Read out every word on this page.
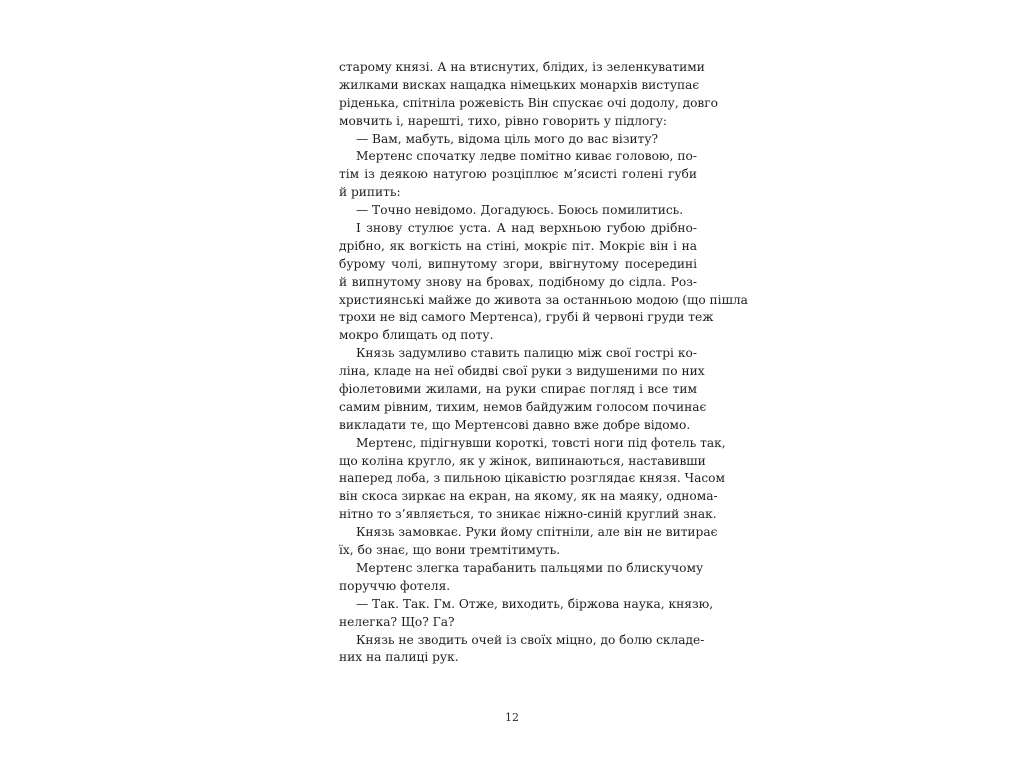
старому князі. А на втиснутих, блідих, із зеленкуватими
жилками висках нащадка німецьких монархів виступає
рiденька, спітніла рожевість Він спускає очі додолу, довго
мовчить і, нарешті, тихо, рівно говорить у підлогу:
— Вам, мабуть, відома ціль мого до вас візиту?
Мертенс спочатку ледве помітно киває головою, по-
тім із деякою натугою розціплює м’ясисті голені губи
й рипить:
— Точно невідомо. Догадуюсь. Боюсь помилитись.
І знову стулює уста. А над верхньою губою дрібно-
дрібно, як вогкість на стіні, мокріє піт. Мокріє він і на
бурому чолі, випнутому згори, ввігнутому посередині
й випнутому знову на бровах, подібному до сідла. Роз-
християнські майже до живота за останньою модою (що пішла
трохи не від самого Мертенса), грубі й червоні груди теж
мокро блищать од поту.
Князь задумливо ставить палицю між свої гострі ко-
ліна, кладе на неї обидві свої руки з видушеними по них
фіолетовими жилами, на руки спирає погляд і все тим
самим рівним, тихим, немов байдужим голосом починає
викладати те, що Мертенсові давно вже добре відомо.
Мертенс, підігнувши короткі, товсті ноги під фотель так,
що коліна кругло, як у жінок, випинаються, наставивши
наперед лоба, з пильною цікавістю розглядає князя. Часом
він скоса зиркає на екран, на якому, як на маяку, однома-
нітно то з’являється, то зникає ніжно-синій круглий знак.
Князь замовкає. Руки йому спітніли, але він не витирає
їх, бо знає, що вони тремтітимуть.
Мертенс злегка тарабанить пальцями по блискучому
поруччю фотеля.
— Так. Так. Гм. Отже, виходить, біржова наука, князю,
нелегка? Що? Га?
Князь не зводить очей із своїх міцно, до болю складе-
них на палиці рук.
12
